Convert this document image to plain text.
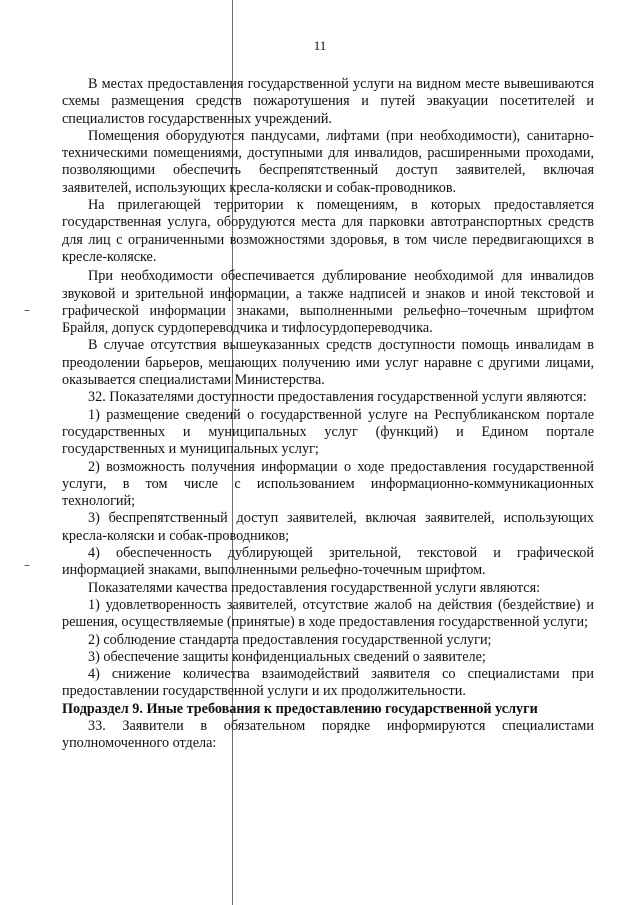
–
–
11

В местах предоставления государственной услуги на видном месте вывешиваются схемы размещения средств пожаротушения и путей эвакуации посетителей и специалистов государственных учреждений.

Помещения оборудуются пандусами, лифтами (при необходимости), санитарно-техническими помещениями, доступными для инвалидов, расширенными проходами, позволяющими обеспечить беспрепятственный доступ заявителей, включая заявителей, использующих кресла-коляски и собак-проводников.

На прилегающей территории к помещениям, в которых предоставляется государственная услуга, оборудуются места для парковки автотранспортных средств для лиц с ограниченными возможностями здоровья, в том числе передвигающихся в кресле-коляске.

При необходимости обеспечивается дублирование необходимой для инвалидов звуковой и зрительной информации, а также надписей и знаков и иной текстовой и графической информации знаками, выполненными рельефно–точечным шрифтом Брайля, допуск сурдопереводчика и тифлосурдопереводчика.

В случае отсутствия вышеуказанных средств доступности помощь инвалидам в преодолении барьеров, мешающих получению ими услуг наравне с другими лицами, оказывается специалистами Министерства.

32. Показателями доступности предоставления государственной услуги являются:

1) размещение сведений о государственной услуге на Республиканском портале государственных и муниципальных услуг (функций) и Едином портале государственных и муниципальных услуг;

2) возможность получения информации о ходе предоставления государственной услуги, в том числе с использованием информационно-коммуникационных технологий;

3) беспрепятственный доступ заявителей, включая заявителей, использующих кресла-коляски и собак-проводников;

4) обеспеченность дублирующей зрительной, текстовой и графической информацией знаками, выполненными рельефно-точечным шрифтом.

Показателями качества предоставления государственной услуги являются:

1) удовлетворенность заявителей, отсутствие жалоб на действия (бездействие) и решения, осуществляемые (принятые) в ходе предоставления государственной услуги;

2) соблюдение стандарта предоставления государственной услуги;

3) обеспечение защиты конфиденциальных сведений о заявителе;

4) снижение количества взаимодействий заявителя со специалистами при предоставлении государственной услуги и их продолжительности.

Подраздел 9. Иные требования к предоставлению государственной услуги

33. Заявители в обязательном порядке информируются специалистами уполномоченного отдела:
